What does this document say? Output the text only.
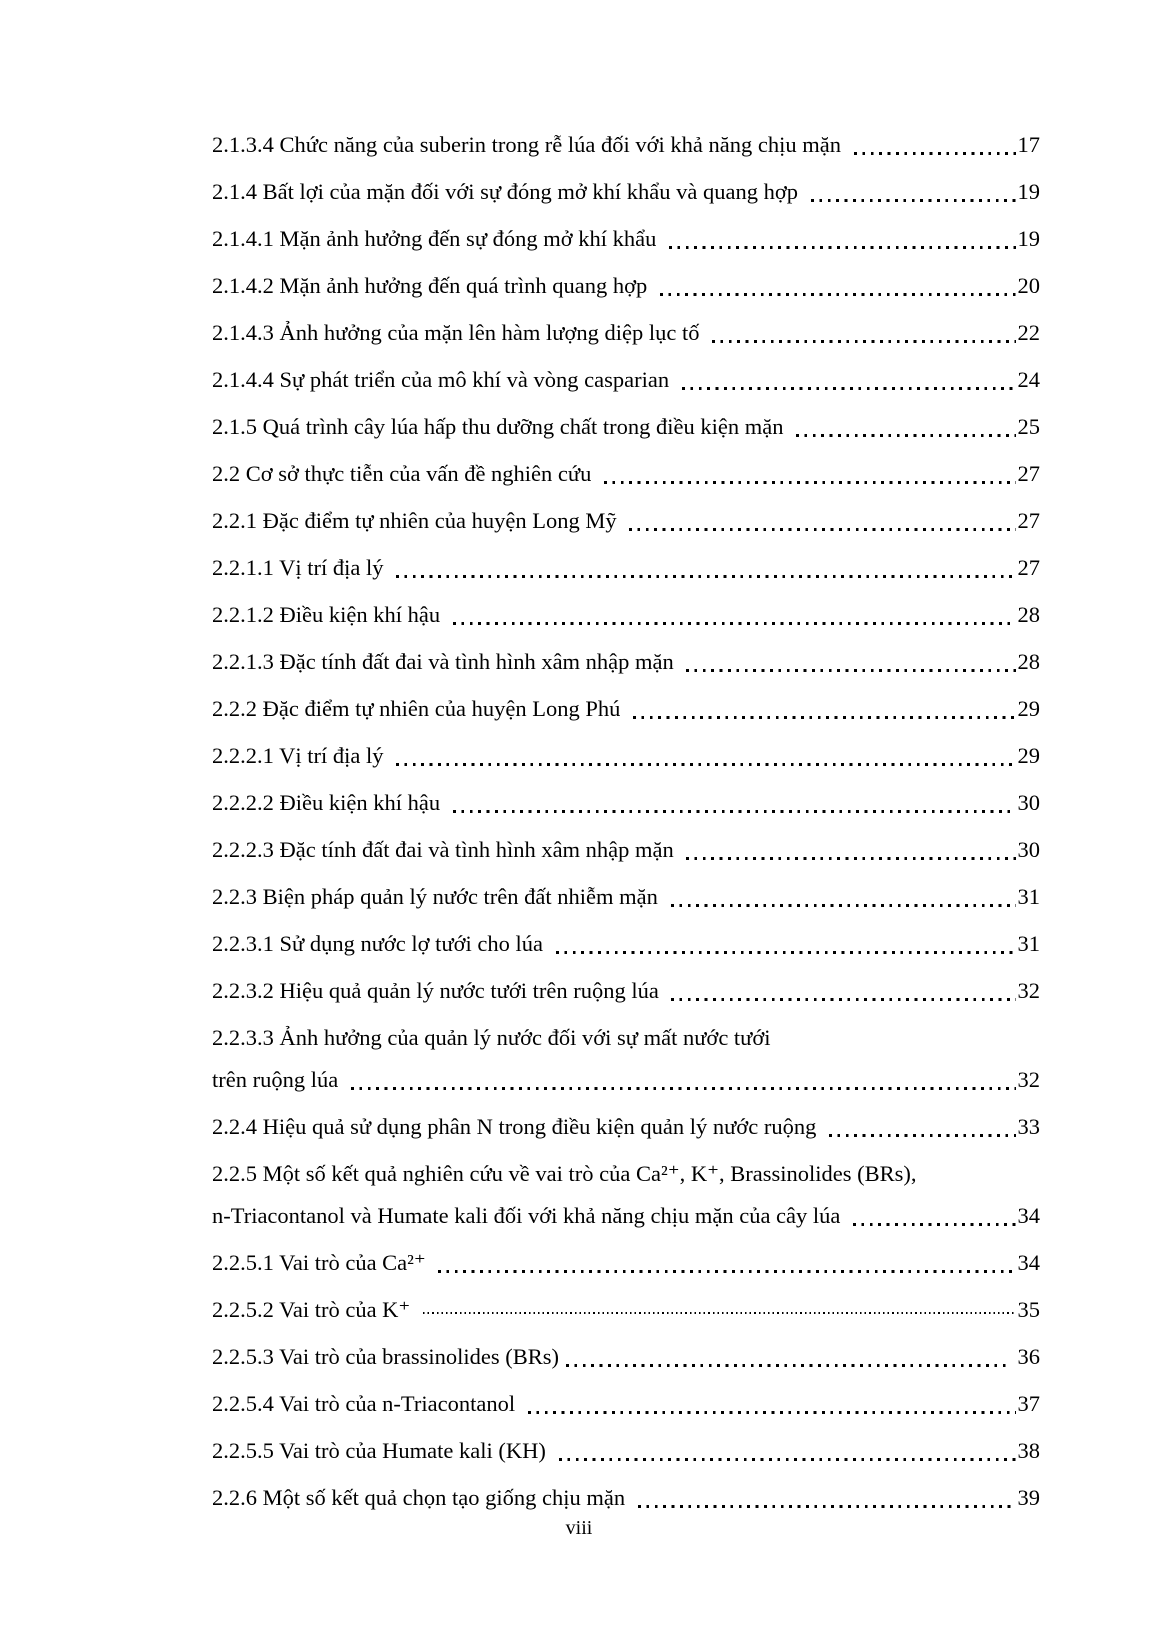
2.1.3.4 Chức năng của suberin trong rễ lúa đối với khả năng chịu mặn	17
2.1.4 Bất lợi của mặn đối với sự đóng mở khí khẩu và quang hợp	19
2.1.4.1 Mặn ảnh hưởng đến sự đóng mở khí khẩu	19
2.1.4.2 Mặn ảnh hưởng đến quá trình quang hợp	20
2.1.4.3 Ảnh hưởng của mặn lên hàm lượng diệp lục tố	22
2.1.4.4 Sự phát triển của mô khí và vòng casparian	24
2.1.5 Quá trình cây lúa hấp thu dưỡng chất trong điều kiện mặn	25
2.2 Cơ sở thực tiễn của vấn đề nghiên cứu	27
2.2.1 Đặc điểm tự nhiên của huyện Long Mỹ	27
2.2.1.1 Vị trí địa lý	27
2.2.1.2 Điều kiện khí hậu	28
2.2.1.3 Đặc tính đất đai và tình hình xâm nhập mặn	28
2.2.2 Đặc điểm tự nhiên của huyện Long Phú	29
2.2.2.1 Vị trí địa lý	29
2.2.2.2 Điều kiện khí hậu	30
2.2.2.3 Đặc tính đất đai và tình hình xâm nhập mặn	30
2.2.3 Biện pháp quản lý nước trên đất nhiễm mặn	31
2.2.3.1 Sử dụng nước lợ tưới cho lúa	31
2.2.3.2 Hiệu quả quản lý nước tưới trên ruộng lúa	32
2.2.3.3 Ảnh hưởng của quản lý nước đối với sự mất nước tưới
trên ruộng lúa	32
2.2.4 Hiệu quả sử dụng phân N trong điều kiện quản lý nước ruộng	33
2.2.5 Một số kết quả nghiên cứu về vai trò của Ca²⁺, K⁺, Brassinolides (BRs),
n-Triacontanol và Humate kali đối với khả năng chịu mặn của cây lúa	34
2.2.5.1 Vai trò của Ca²⁺	34
2.2.5.2 Vai trò của K⁺	35
2.2.5.3 Vai trò của brassinolides (BRs)	36
2.2.5.4 Vai trò của n-Triacontanol	37
2.2.5.5 Vai trò của Humate kali (KH)	38
2.2.6 Một số kết quả chọn tạo giống chịu mặn	39
viii
